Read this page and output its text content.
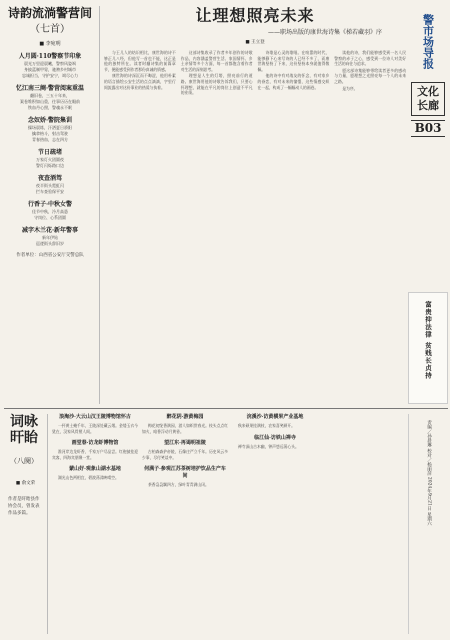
诗韵流淌警营间
（七首）
■ 李宛明
人月圆·110警察节印象
晨光万里迎晨曦，警察风姿飒
身披蓝制甲胄，驰骋乡村城市
忠诚担当，守护安宁，竭尽心力
忆江南三阕·警营阅案重温
翻旧卷，三五十年来，
案卷堆积如山重，往事历历在眼前
铁血丹心照，警魂永不眠
念奴娇·警院集训
操场晨练，汗洒夏日骄阳
擒拿格斗，射击驾驶
青春热血，志在四方
节日疏堵
万家灯火团圆夜
警灯闪烁路口边
夜查酒驾
夜半街头霓虹闪
拦车查验保平安
行香子·中秋女警
佳节中秋，冷月高悬
守岗位、心系团圆
减字木兰花·新年警事
新年伊始
巡逻街头辞旧岁
作者单位：山西省公安厅交警总队
让理想照亮未来
——职场出版的康世海诗集《梯若藏羽》序
■ 王立登

与王儿人的结识相比，康世海的诗不够正儿八经，但他写一首也不能，这正是他的独特所在。读者时翻诗集的前篇章节，便能感受到作者那份真诚的情感。

康世海的诗深沉而不晦涩，他用朴素的语言描绘公安生活的点点滴滴，字里行间流露出对这份事业的热爱与执着。

这部诗集收录了作者多年创作的诗歌作品，内容涵盖警营生活、家国情怀、乡土亲情等多个方面，每一首都饱含着作者对生活的深刻思考。

理想是人生的灯塔，照亮前行的道路。康世海用他的诗歌告诉我们，只要心怀理想，就能在平凡的岗位上创造不平凡的业绩。

诗歌是心灵的歌唱。在喧嚣的时代，能够静下心来写诗的人已经不多了，而康世海坚持了下来，这份坚持本身就值得敬佩。

他的诗中有对战友的怀念，有对家乡的眷恋，有对未来的憧憬，这些情感交织在一起，构成了一幅幅动人的画卷。

读他的诗，我们能够感受到一名人民警察的赤子之心，感受到一位诗人对美好生活的向往与追求。

愿这部诗集能够带给读者更多的感动与力量，愿理想之光照亮每一个人的未来之路。

是为序。

警市场导报
文化长廊
B03
富贵抑法律 贫贱长贞持
词咏旰眙
（八阕）
■ 俞文荣
作者是旰眙县作协会员，曾发表作品多篇。
浪淘沙·大云山汉王陵博物馆怀古
一抔黄土掩千年，王陵深处藏云烟。金缕玉衣今犹在，汉家风骨照人间。
画堂春·访龙虾博物馆
淮河岸边龙虾香，千家万户尽品尝。红袍披挂迎宾客，四海宾朋聚一堂。
蒙山好·观象山湖水基地
湖光山色两相宜，碧波荡漾映晴空。
醉花阴·游黄梅园
梅花初绽香满园，游人如织赏春光。枝头点点红如火，暗香浮动月黄昏。
望江东·再谒明祖陵
古柏森森护帝陵，石像庄严立千年。历史风云多少事，尽付笑谈中。
何满子·参观江苏茶树培护饮品生产车间
茶香袅袅飘四方，绿叶青青满山冈。
浣溪沙·访黄横果产业基地
秋来硕果挂满枝，农家喜笑颜开。
临江仙·访铁山禅寺
禅寺深山古木幽，钟声悠远荡心头。	责编／孙晨琳 校对／杨丽萍 2024年9月21日 星期六
